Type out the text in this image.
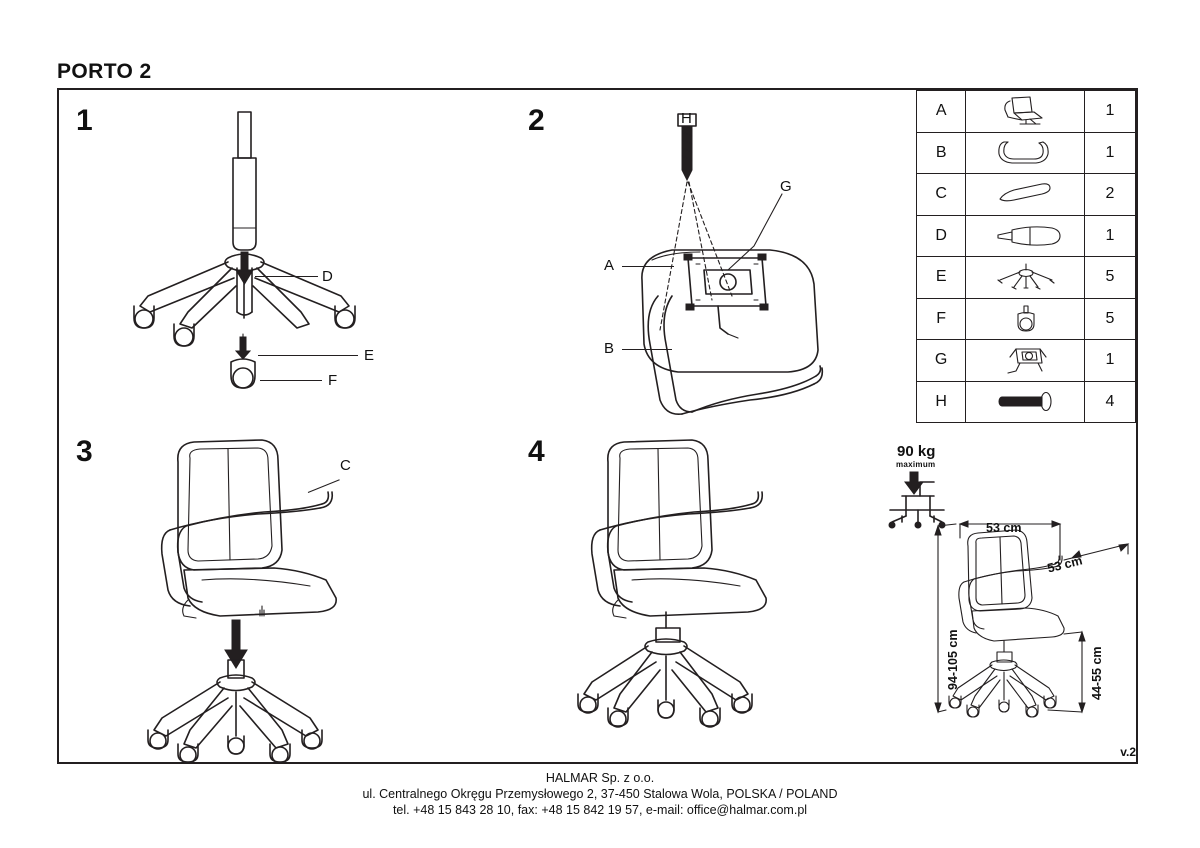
PORTO 2
1
D
E
F
2	H
G
A
B
3	C	4
A		1
B		1
C		2
D		1
E		5
F		5
G		1
H		4
90 kg
maximum
53 cm
53 cm
94-105 cm	44-55 cm
v.2
HALMAR Sp. z o.o.
ul. Centralnego Okręgu Przemysłowego 2, 37-450 Stalowa Wola, POLSKA / POLAND
tel. +48 15 843 28 10, fax: +48 15 842 19 57, e-mail: office@halmar.com.pl
